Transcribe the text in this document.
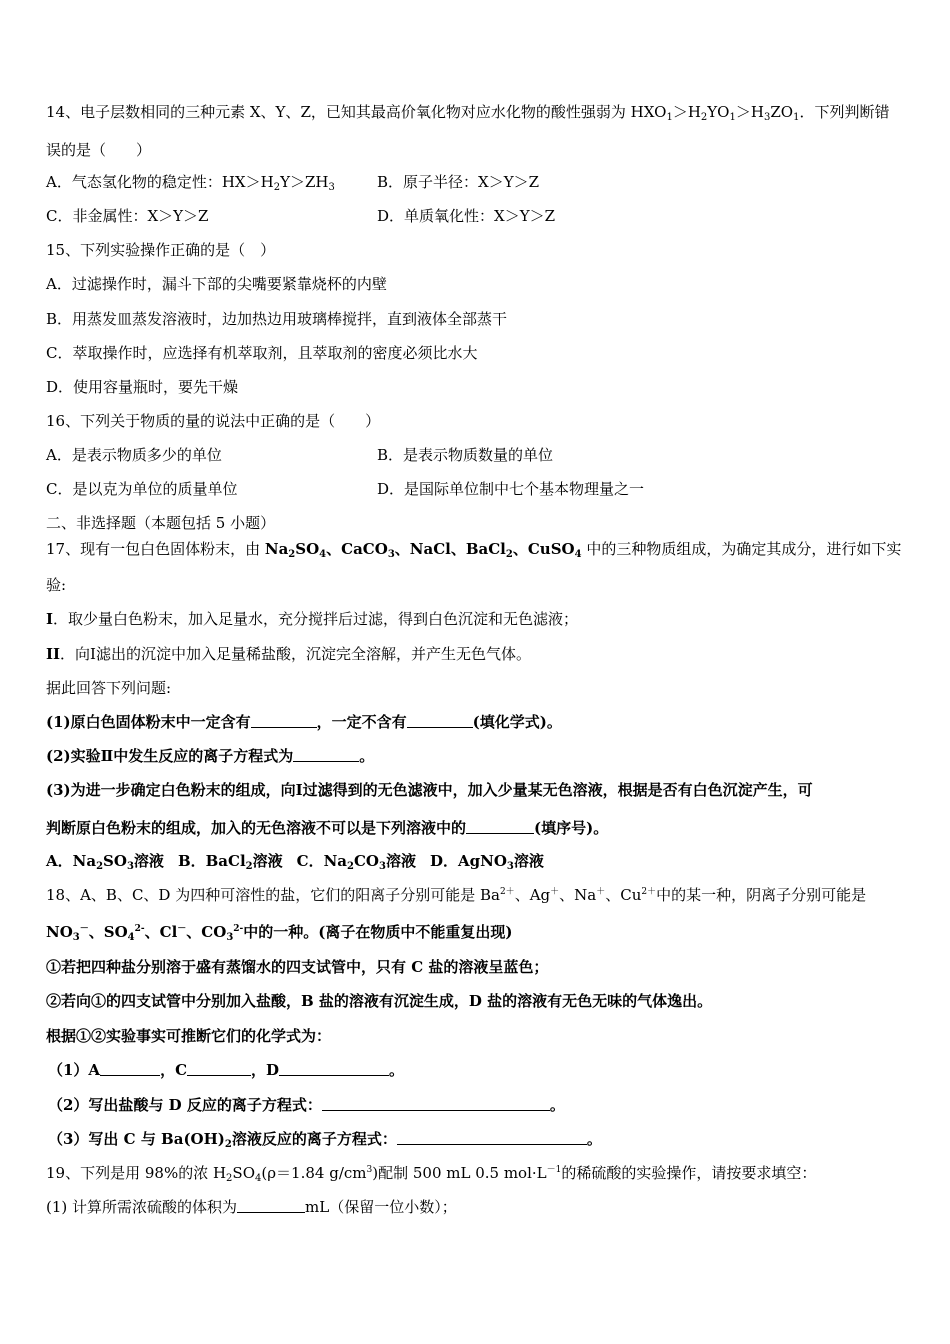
14、电子层数相同的三种元素 X、Y、Z，已知其最高价氧化物对应水化物的酸性强弱为 $HXO_1>H_2YO_1>H_3ZO_1$．下列判断错
误的是（　　）
A．气态氢化物的稳定性：$HX>H_2Y>ZH_3$	B．原子半径：X＞Y＞Z
C．非金属性：X＞Y＞Z	D．单质氧化性：X＞Y＞Z
15、下列实验操作正确的是（　）
A．过滤操作时，漏斗下部的尖嘴要紧靠烧杯的内壁
B．用蒸发皿蒸发溶液时，边加热边用玻璃棒搅拌，直到液体全部蒸干
C．萃取操作时，应选择有机萃取剂，且萃取剂的密度必须比水大
D．使用容量瓶时，要先干燥
16、下列关于物质的量的说法中正确的是（　　）
A．是表示物质多少的单位	B．是表示物质数量的单位
C．是以克为单位的质量单位	D．是国际单位制中七个基本物理量之一
二、非选择题（本题包括 5 小题）
17、现有一包白色固体粉末，由 $Na_2SO_4$、CaCO$_3$、NaCl、BaCl$_2$、CuSO$_4$ 中的三种物质组成，为确定其成分，进行如下实
验:
I．取少量白色粉末，加入足量水，充分搅拌后过滤，得到白色沉淀和无色滤液；
II．向Ⅰ滤出的沉淀中加入足量稀盐酸，沉淀完全溶解，并产生无色气体。
据此回答下列问题:
(1)原白色固体粉末中一定含有	，一定不含有	(填化学式)。
(2)实验Ⅱ中发生反应的离子方程式为	。
(3)为进一步确定白色粉末的组成，向Ⅰ过滤得到的无色滤液中，加入少量某无色溶液，根据是否有白色沉淀产生，可
判断原白色粉末的组成，加入的无色溶液不可以是下列溶液中的	(填序号)。
A．$Na_2SO_3$溶液 B．BaCl$_2$溶液 C．$Na_2CO_3$溶液 D．AgNO$_3$溶液
18、A、B、C、D 为四种可溶性的盐，它们的阳离子分别可能是 $Ba^{2+}$、Ag＋、Na＋、$Cu^{2+}$中的某一种，阴离子分别可能是
$NO_3^-$、$SO_4^{2-}$、Cl－、$CO_3^{2-}$中的一种。(离子在物质中不能重复出现)
①若把四种盐分别溶于盛有蒸馏水的四支试管中，只有 C 盐的溶液呈蓝色；
②若向①的四支试管中分别加入盐酸，B 盐的溶液有沉淀生成，D 盐的溶液有无色无味的气体逸出。
根据①②实验事实可推断它们的化学式为：
（1）A	，C	，D	。
（2）写出盐酸与 D 反应的离子方程式：	。
（3）写出 C 与 $Ba(OH)_2$溶液反应的离子方程式：	。
19、下列是用 98%的浓 $H_2SO_4(\rho=1.84$ $g/cm^3$)配制 500 mL 0.5 $mol\cdot L^{-1}$的稀硫酸的实验操作，请按要求填空：
(1) 计算所需浓硫酸的体积为	mL（保留一位小数）；
